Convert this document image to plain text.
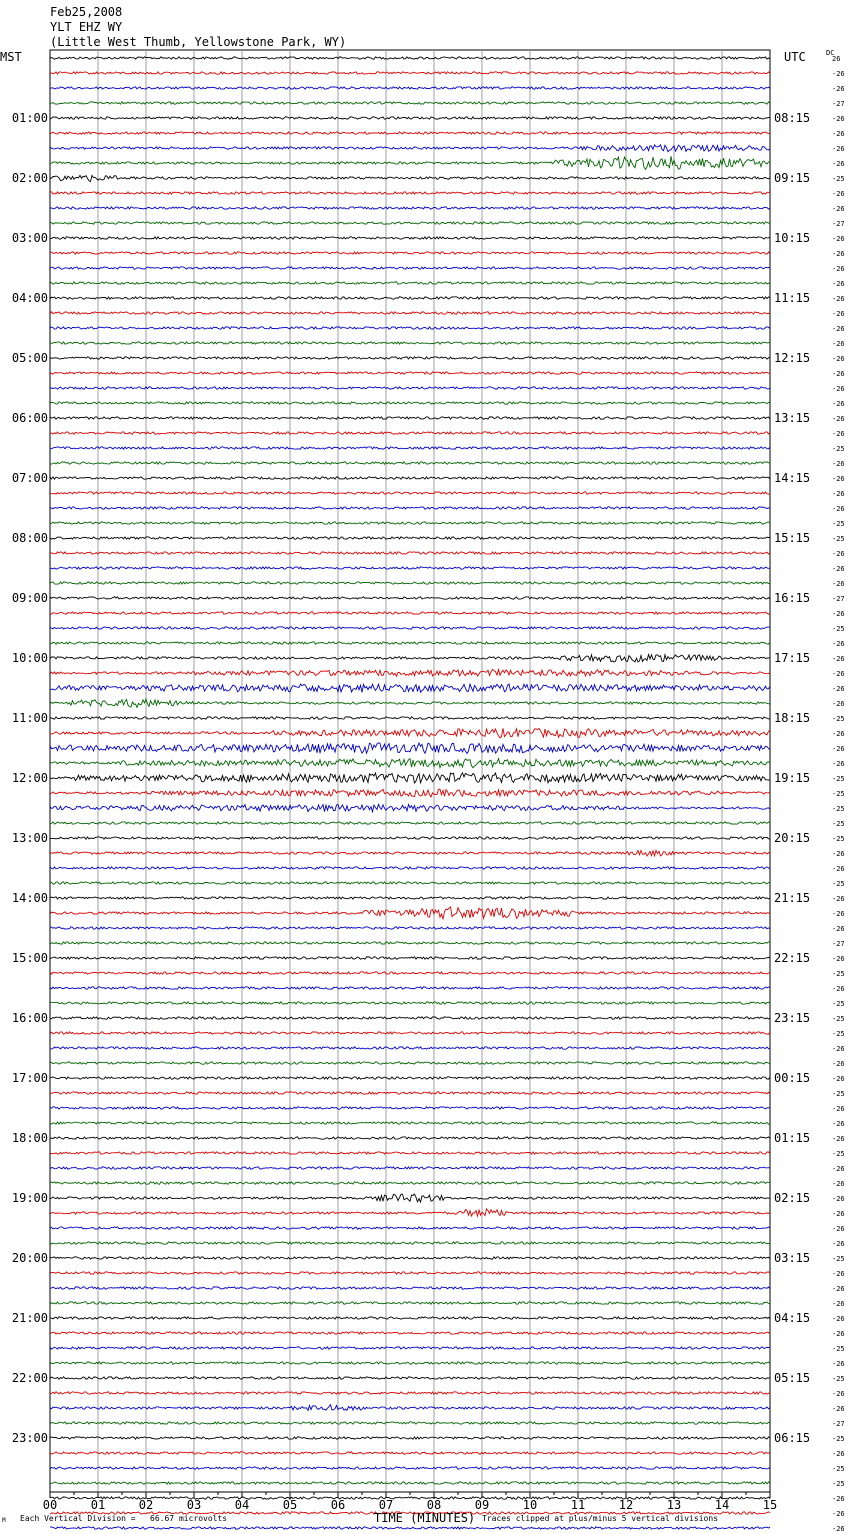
Feb25,2008
YLT EHZ WY
(Little West Thumb, Yellowstone Park, WY)
MST	UTC	DC
00	01	02	03	04	05	06	07	08	09	10	11	12	13	14	15
26
-26
-26
-27
-26
-26
-26
-26
-25
-26
-26
-27
-26
-26
-26
-26
-26
-26
-26
-26
-26
-26
-26
-26
-26
-26
-25
-26
-26
-26
-26
-25
-25
-26
-26
-26
-27
-26
-25
-26
-26
-26
-26
-26
-25
-26
-26
-26
-25
-25
-25
-25
-25
-26
-26
-25
-26
-26
-26
-27
-26
-25
-26
-25
-25
-25
-26
-26
-26
-25
-26
-26
-26
-25
-26
-26
-26
-26
-26
-26
-25
-26
-26
-26
-26
-26
-25
-26
-25
-26
-26
-27
-25
-26
-25
-25
-26
-26
-26
01:00
02:00
03:00
04:00
05:00
06:00
07:00
08:00
09:00
10:00
11:00
12:00
13:00
14:00
15:00
16:00
17:00
18:00
19:00
20:00
21:00
22:00
23:00
08:15
09:15
10:15
11:15
12:15
13:15
14:15
15:15
16:15
17:15
18:15
19:15
20:15
21:15
22:15
23:15
00:15
01:15
02:15
03:15
04:15
05:15
06:15
M Each Vertical Division =   66.67 microvolts	TIME (MINUTES) Traces clipped at plus/minus 5 vertical divisions
